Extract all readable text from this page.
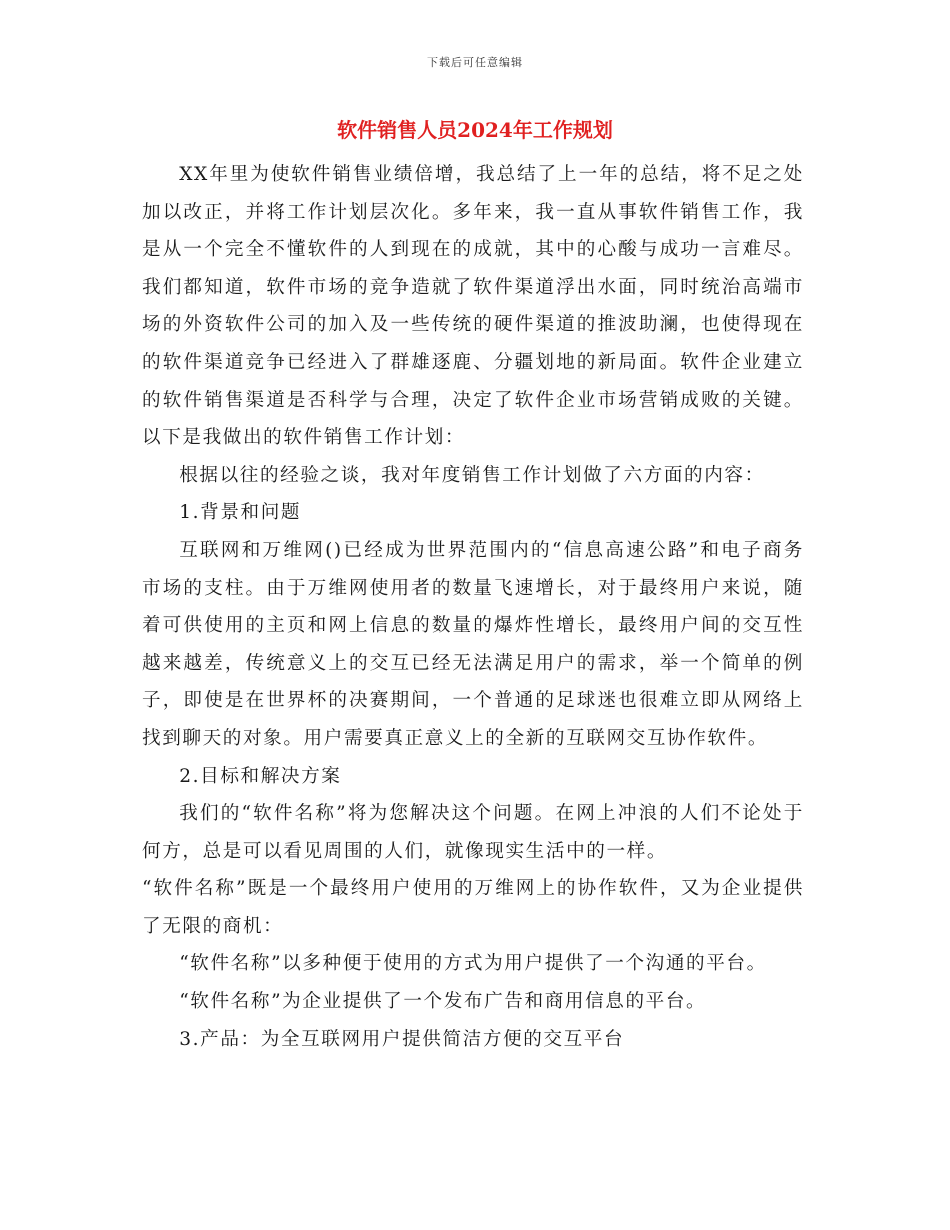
下载后可任意编辑
软件销售人员2024年工作规划

XX年里为使软件销售业绩倍增，我总结了上一年的总结，将不足之处加以改正，并将工作计划层次化。多年来，我一直从事软件销售工作，我是从一个完全不懂软件的人到现在的成就，其中的心酸与成功一言难尽。我们都知道，软件市场的竞争造就了软件渠道浮出水面，同时统治高端市场的外资软件公司的加入及一些传统的硬件渠道的推波助澜，也使得现在的软件渠道竞争已经进入了群雄逐鹿、分疆划地的新局面。软件企业建立的软件销售渠道是否科学与合理，决定了软件企业市场营销成败的关键。以下是我做出的软件销售工作计划：

根据以往的经验之谈，我对年度销售工作计划做了六方面的内容：

1.背景和问题

互联网和万维网()已经成为世界范围内的“信息高速公路”和电子商务市场的支柱。由于万维网使用者的数量飞速增长，对于最终用户来说，随着可供使用的主页和网上信息的数量的爆炸性增长，最终用户间的交互性越来越差，传统意义上的交互已经无法满足用户的需求，举一个简单的例子，即使是在世界杯的决赛期间，一个普通的足球迷也很难立即从网络上找到聊天的对象。用户需要真正意义上的全新的互联网交互协作软件。

2.目标和解决方案

我们的“软件名称”将为您解决这个问题。在网上冲浪的人们不论处于何方，总是可以看见周围的人们，就像现实生活中的一样。

“软件名称”既是一个最终用户使用的万维网上的协作软件，又为企业提供了无限的商机：

“软件名称”以多种便于使用的方式为用户提供了一个沟通的平台。

“软件名称”为企业提供了一个发布广告和商用信息的平台。

3.产品：为全互联网用户提供简洁方便的交互平台
